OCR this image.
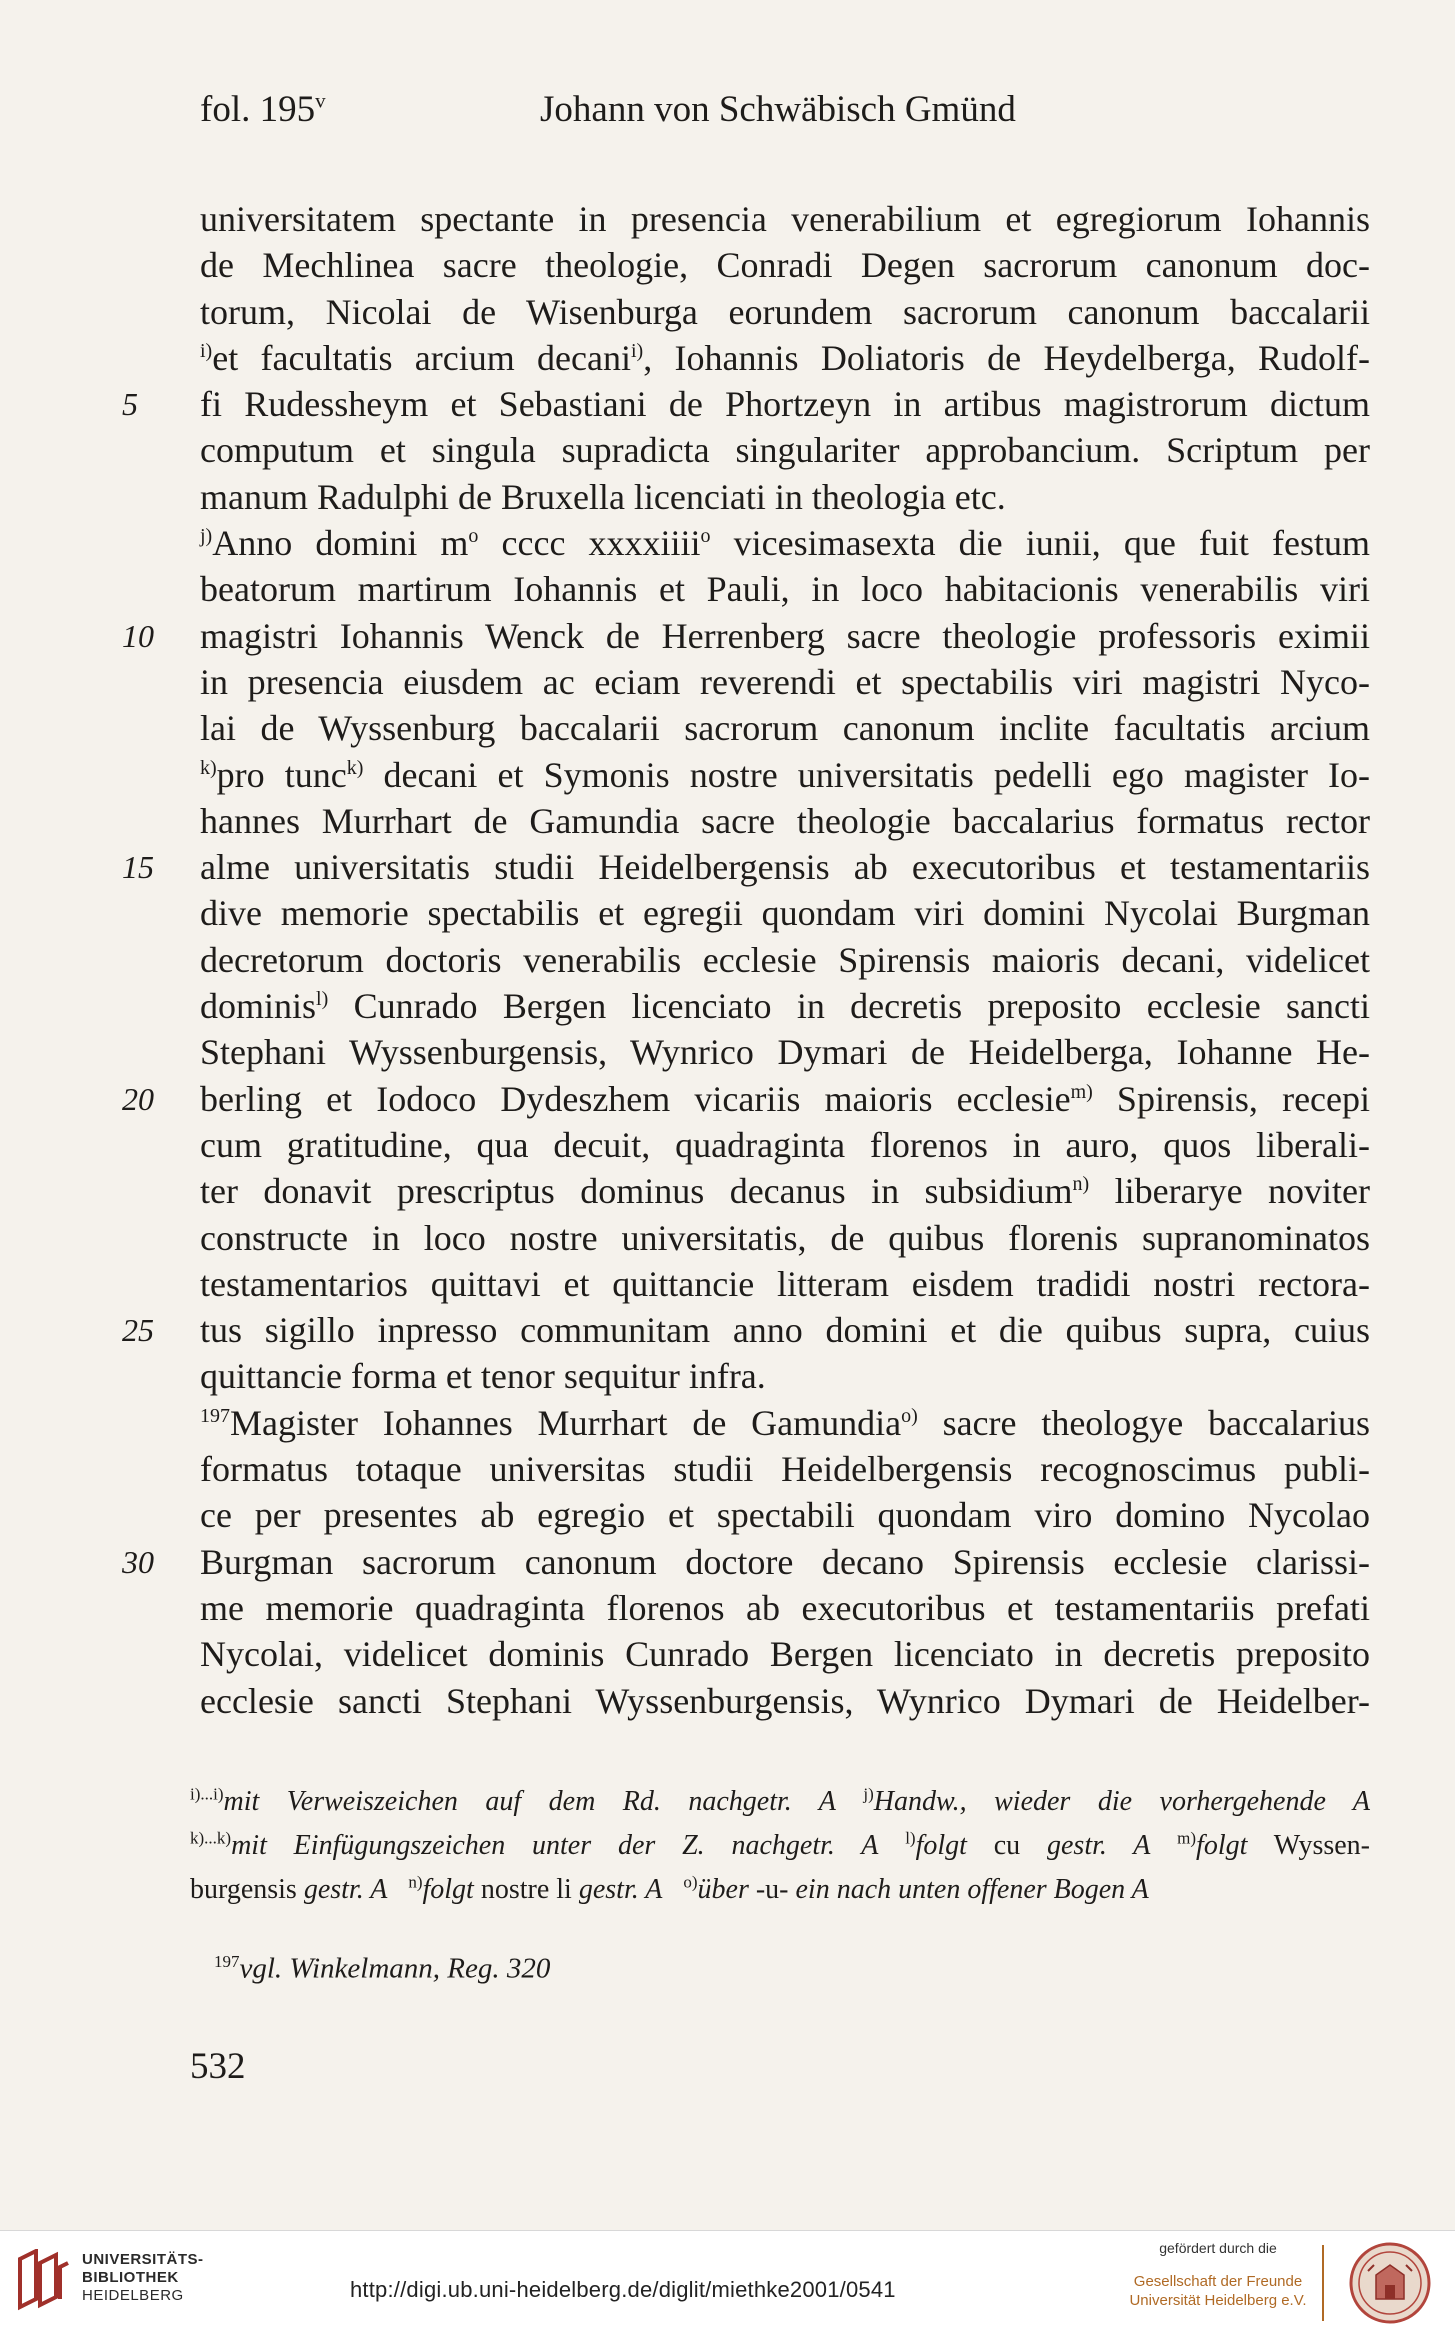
fol. 195$^v$	Johann von Schwäbisch Gmünd
universitatem spectante in presencia venerabilium et egregiorum Iohannis
de Mechlinea sacre theologie, Conradi Degen sacrorum canonum doc-
torum, Nicolai de Wisenburga eorundem sacrorum canonum baccalarii
$^{i)}$et facultatis arcium decani$^{i)}$, Iohannis Doliatoris de Heydelberga, Rudolf-
5	fi Rudessheym et Sebastiani de Phortzeyn in artibus magistrorum dictum
computum et singula supradicta singulariter approbancium. Scriptum per
manum Radulphi de Bruxella licenciati in theologia etc.
$^{j)}$Anno domini $m^o$ cccc xxxxiiii$^o$ vicesimasexta die iunii, que fuit festum
beatorum martirum Iohannis et Pauli, in loco habitacionis venerabilis viri
10 magistri Iohannis Wenck de Herrenberg sacre theologie professoris eximii
in presencia eiusdem ac eciam reverendi et spectabilis viri magistri Nyco-
lai de Wyssenburg baccalarii sacrorum canonum inclite facultatis arcium
$^{k)}$pro tunc$^{k)}$ decani et Symonis nostre universitatis pedelli ego magister Io-
hannes Murrhart de Gamundia sacre theologie baccalarius formatus rector
15 alme universitatis studii Heidelbergensis ab executoribus et testamentariis
dive memorie spectabilis et egregii quondam viri domini Nycolai Burgman
decretorum doctoris venerabilis ecclesie Spirensis maioris decani, videlicet
dominis$^{l)}$ Cunrado Bergen licenciato in decretis preposito ecclesie sancti
Stephani Wyssenburgensis, Wynrico Dymari de Heidelberga, Iohanne He-
20 berling et Iodoco Dydeszhem vicariis maioris ecclesie$^{m)}$ Spirensis, recepi
cum gratitudine, qua decuit, quadraginta florenos in auro, quos liberali-
ter donavit prescriptus dominus decanus in subsidium$^{n)}$ liberarye noviter
constructe in loco nostre universitatis, de quibus florenis supranominatos
testamentarios quittavi et quittancie litteram eisdem tradidi nostri rectora-
25 tus sigillo inpresso communitam anno domini et die quibus supra, cuius
quittancie forma et tenor sequitur infra.
$^{197}$Magister Iohannes Murrhart de Gamundia$^{o)}$ sacre theologye baccalarius
formatus totaque universitas studii Heidelbergensis recognoscimus publi-
ce per presentes ab egregio et spectabili quondam viro domino Nycolao
30 Burgman sacrorum canonum doctore decano Spirensis ecclesie clarissi-
me memorie quadraginta florenos ab executoribus et testamentariis prefati
Nycolai, videlicet dominis Cunrado Bergen licenciato in decretis preposito
ecclesie sancti Stephani Wyssenburgensis, Wynrico Dymari de Heidelber-
$^{i)...i)}$mit Verweiszeichen auf dem Rd. nachgetr. A $^{j)}$Handw., wieder die vorhergehende A
$^{k)...k)}$mit Einfügungszeichen unter der Z. nachgetr. A $^{l)}$folgt cu gestr. A $^{m)}$folgt Wyssen-
burgensis gestr. A $^{n)}$folgt nostre li gestr. A $^{o)}$über -u- ein nach unten offener Bogen A
$^{197}$vgl. Winkelmann, Reg. 320
532
UNIVERSITÄTS-
BIBLIOTHEK
HEIDELBERG	http://digi.ub.uni-heidelberg.de/diglit/miethke2001/0541
gefördert durch die
Gesellschaft der Freunde
Universität Heidelberg e.V.
